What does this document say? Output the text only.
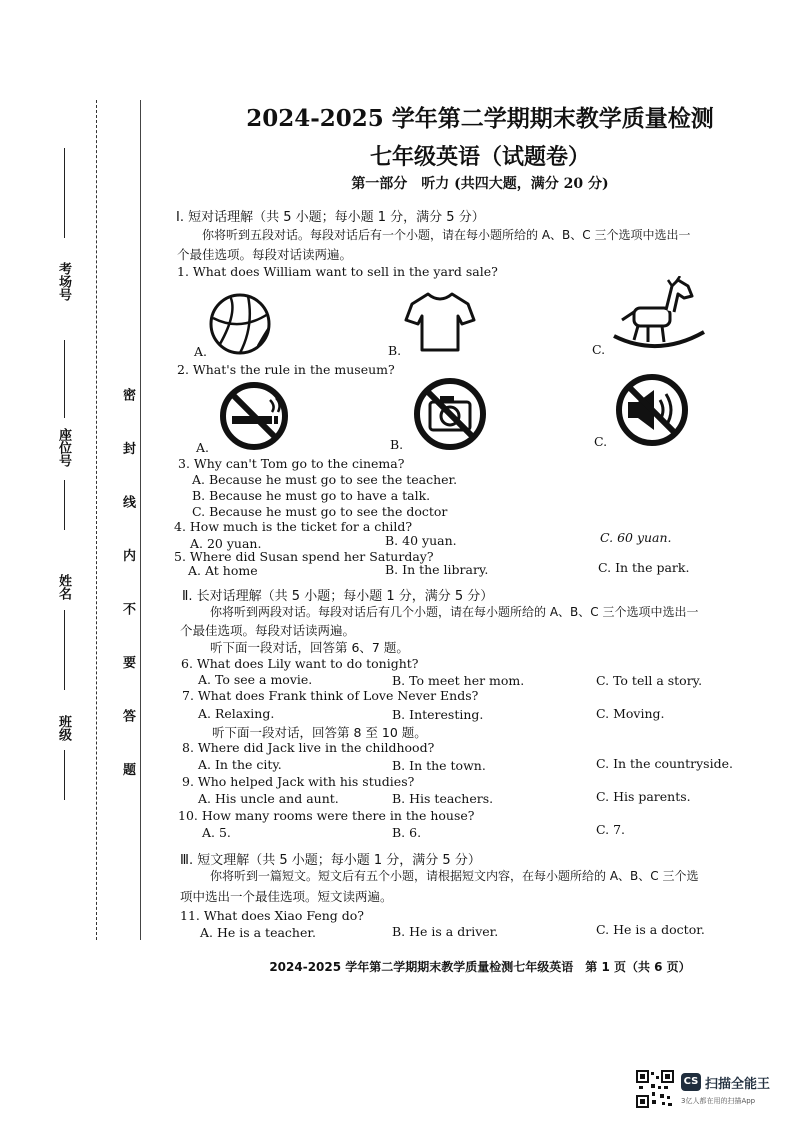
考场号
座位号
姓名
班级	密 封 线 内 不 要 答 题
2024-2025 学年第二学期期末教学质量检测
七年级英语（试题卷）
第一部分　听力 (共四大题，满分 20 分)
Ⅰ. 短对话理解（共 5 小题；每小题 1 分，满分 5 分）
你将听到五段对话。每段对话后有一个小题，请在每小题所给的 A、B、C 三个选项中选出一
个最佳选项。每段对话读两遍。
1. What does William want to sell in the yard sale?
A.	B.	C.
2. What's the rule in the museum?
A.	B.	C.
3. Why can't Tom go to the cinema?
A. Because he must go to see the teacher.
B. Because he must go to have a talk.
C. Because he must go to see the doctor
4. How much is the ticket for a child?
A. 20 yuan.	B. 40 yuan.	C. 60 yuan.
5. Where did Susan spend her Saturday?
A. At home	B. In the library.	C. In the park.
Ⅱ. 长对话理解（共 5 小题；每小题 1 分，满分 5 分）
你将听到两段对话。每段对话后有几个小题，请在每小题所给的 A、B、C 三个选项中选出一
个最佳选项。每段对话读两遍。
听下面一段对话，回答第 6、7 题。
6. What does Lily want to do tonight?
A. To see a movie.	B. To meet her mom.	C. To tell a story.
7. What does Frank think of Love Never Ends?
A. Relaxing.	B. Interesting.	C. Moving.
听下面一段对话，回答第 8 至 10 题。
8. Where did Jack live in the childhood?
A. In the city.	B. In the town.	C. In the countryside.
9. Who helped Jack with his studies?
A. His uncle and aunt.	B. His teachers.	C. His parents.
10. How many rooms were there in the house?
A. 5.	B. 6.	C. 7.
Ⅲ. 短文理解（共 5 小题；每小题 1 分，满分 5 分）
你将听到一篇短文。短文后有五个小题，请根据短文内容，在每小题所给的 A、B、C 三个选
项中选出一个最佳选项。短文读两遍。
11. What does Xiao Feng do?
A. He is a teacher.	B. He is a driver.	C. He is a doctor.
2024-2025 学年第二学期期末教学质量检测七年级英语　第 1 页（共 6 页）
CS 扫描全能王
3亿人都在用的扫描App
